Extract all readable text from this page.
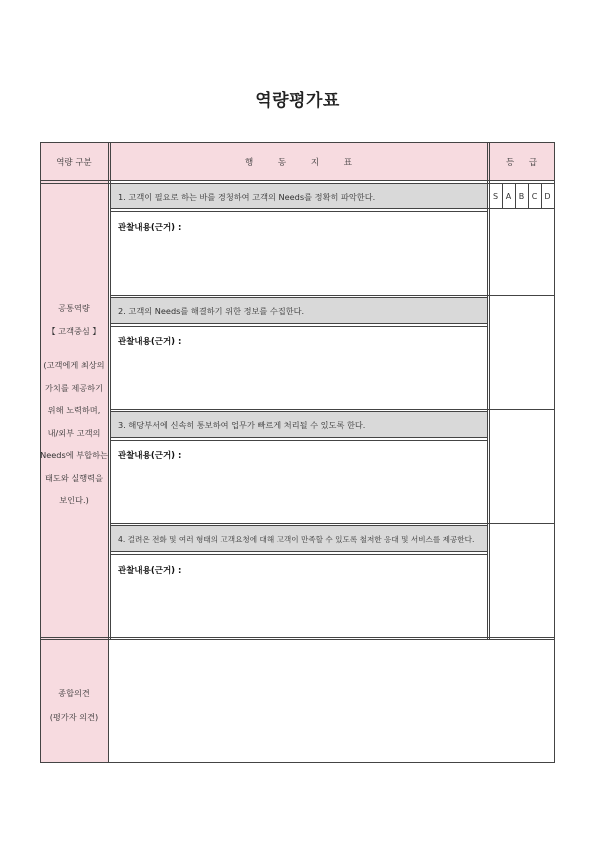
역량평가표
역량 구분	행 동 지 표	등 급
S A B C D
1. 고객이 필요로 하는 바를 경청하여 고객의 Needs를 정확히 파악한다.
관찰내용(근거) :
2. 고객의 Needs를 해결하기 위한 정보를 수집한다.
관찰내용(근거) :
3. 해당부서에 신속히 통보하여 업무가 빠르게 처리될 수 있도록 한다.
관찰내용(근거) :
4. 걸려온 전화 및 여러 형태의 고객요청에 대해 고객이 만족할 수 있도록 철저한 응대 및 서비스를 제공한다.
관찰내용(근거) :
공통역량
【 고객중심 】
(고객에게 최상의
가치를 제공하기
위해 노력하며,
내/외부 고객의
Needs에 부합하는
태도와 실행력을
보인다.)
종합의견
(평가자 의견)
